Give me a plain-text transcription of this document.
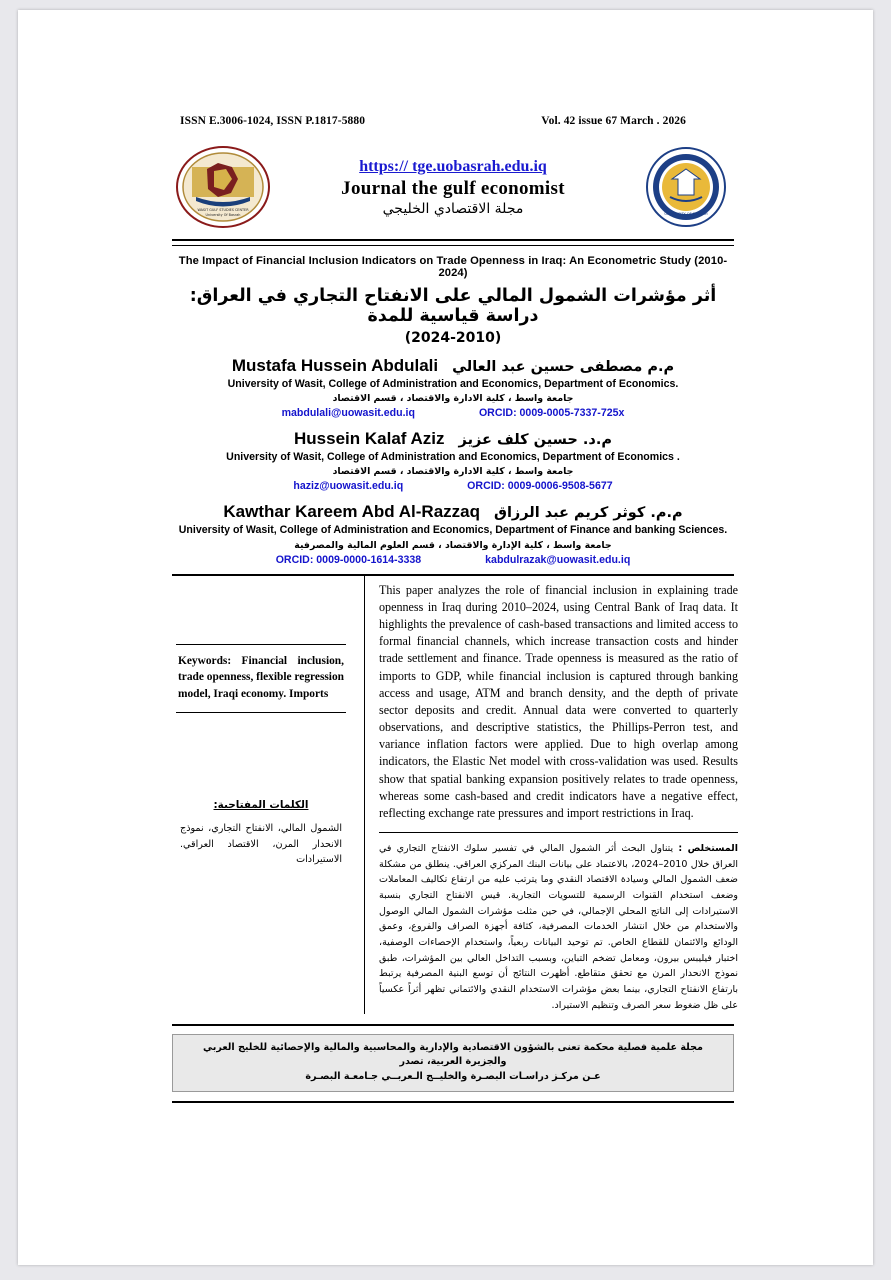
ISSN E.3006-1024, ISSN P.1817-5880	Vol. 42 issue 67 March . 2026
WASIT GULF STUDIES CENTER
University Of Basrah
https:// tge.uobasrah.edu.iq
Journal the gulf economist
مجلة الاقتصادي الخليجي	UNIVERSITY OF BASRAH
The Impact of Financial Inclusion Indicators on Trade Openness in Iraq: An Econometric Study (2010-2024)
أثر مؤشرات الشمول المالي على الانفتاح التجاري في العراق: دراسة قياسية للمدة
(2024-2010)
Mustafa Hussein Abdulali م.م مصطفى حسين عبد العالي
University of Wasit, College of Administration and Economics, Department of Economics.
جامعة واسط ، كلية الادارة والاقتصاد ، قسم الاقتصاد
mabdulali@uowasit.edu.iq	ORCID: 0009-0005-7337-725x
Hussein Kalaf Aziz م.د. حسين كلف عزيز
University of Wasit, College of Administration and Economics, Department of Economics .
جامعة واسط ، كلية الادارة والاقتصاد ، قسم الاقتصاد
haziz@uowasit.edu.iq	ORCID: 0009-0006-9508-5677
Kawthar Kareem Abd Al-Razzaq م.م. كوثر كريم عبد الرزاق
University of Wasit, College of Administration and Economics, Department of Finance and banking Sciences.
جامعة واسط ، كلية الإدارة والاقتصاد ، قسم العلوم المالية والمصرفية
ORCID: 0009-0000-1614-3338	kabdulrazak@uowasit.edu.iq
Keywords: Financial inclusion, trade openness, flexible regression model, Iraqi economy. Imports
الكلمات المفتاحية:
الشمول المالي، الانفتاح التجاري، نموذج الانحدار المرن، الاقتصاد العراقي. الاستيرادات
This paper analyzes the role of financial inclusion in explaining trade openness in Iraq during 2010–2024, using Central Bank of Iraq data. It highlights the prevalence of cash-based transactions and limited access to formal financial channels, which increase transaction costs and hinder trade settlement and finance. Trade openness is measured as the ratio of imports to GDP, while financial inclusion is captured through banking access and usage, ATM and branch density, and the depth of private sector deposits and credit. Annual data were converted to quarterly observations, and descriptive statistics, the Phillips-Perron test, and variance inflation factors were applied. Due to high overlap among indicators, the Elastic Net model with cross-validation was used. Results show that spatial banking expansion positively relates to trade openness, whereas some cash-based and credit indicators have a negative effect, reflecting exchange rate pressures and import restrictions in Iraq.
المستخلص : يتناول البحث أثر الشمول المالي في تفسير سلوك الانفتاح التجاري في العراق خلال 2010–2024، بالاعتماد على بيانات البنك المركزي العراقي. ينطلق من مشكلة ضعف الشمول المالي وسيادة الاقتصاد النقدي وما يترتب عليه من ارتفاع تكاليف المعاملات وضعف استخدام القنوات الرسمية للتسويات التجارية. قيس الانفتاح التجاري بنسبة الاستيرادات إلى الناتج المحلي الإجمالي، في حين مثلت مؤشرات الشمول المالي الوصول والاستخدام من خلال انتشار الخدمات المصرفية، كثافة أجهزة الصراف والفروع، وعمق الودائع والائتمان للقطاع الخاص. تم توحيد البيانات ربعياً، واستخدام الإحصاءات الوصفية، اختبار فيليبس بيرون، ومعامل تضخم التباين، وبسبب التداخل العالي بين المؤشرات، طبق نموذج الانحدار المرن مع تحقق متقاطع. أظهرت النتائج أن توسع البنية المصرفية يرتبط بارتفاع الانفتاح التجاري، بينما بعض مؤشرات الاستخدام النقدي والائتماني تظهر أثراً عكسياً على ظل ضغوط سعر الصرف وتنظيم الاستيراد.
مجلة علمية فصلية محكمة تعنى بالشؤون الاقتصادية والإدارية والمحاسبية والمالية والإحصائية للخليج العربي والجزيرة العربية، تصدر
عـن مركـز دراسـات البصـرة والخليــج الـعربــي جـامعـة البصـرة
